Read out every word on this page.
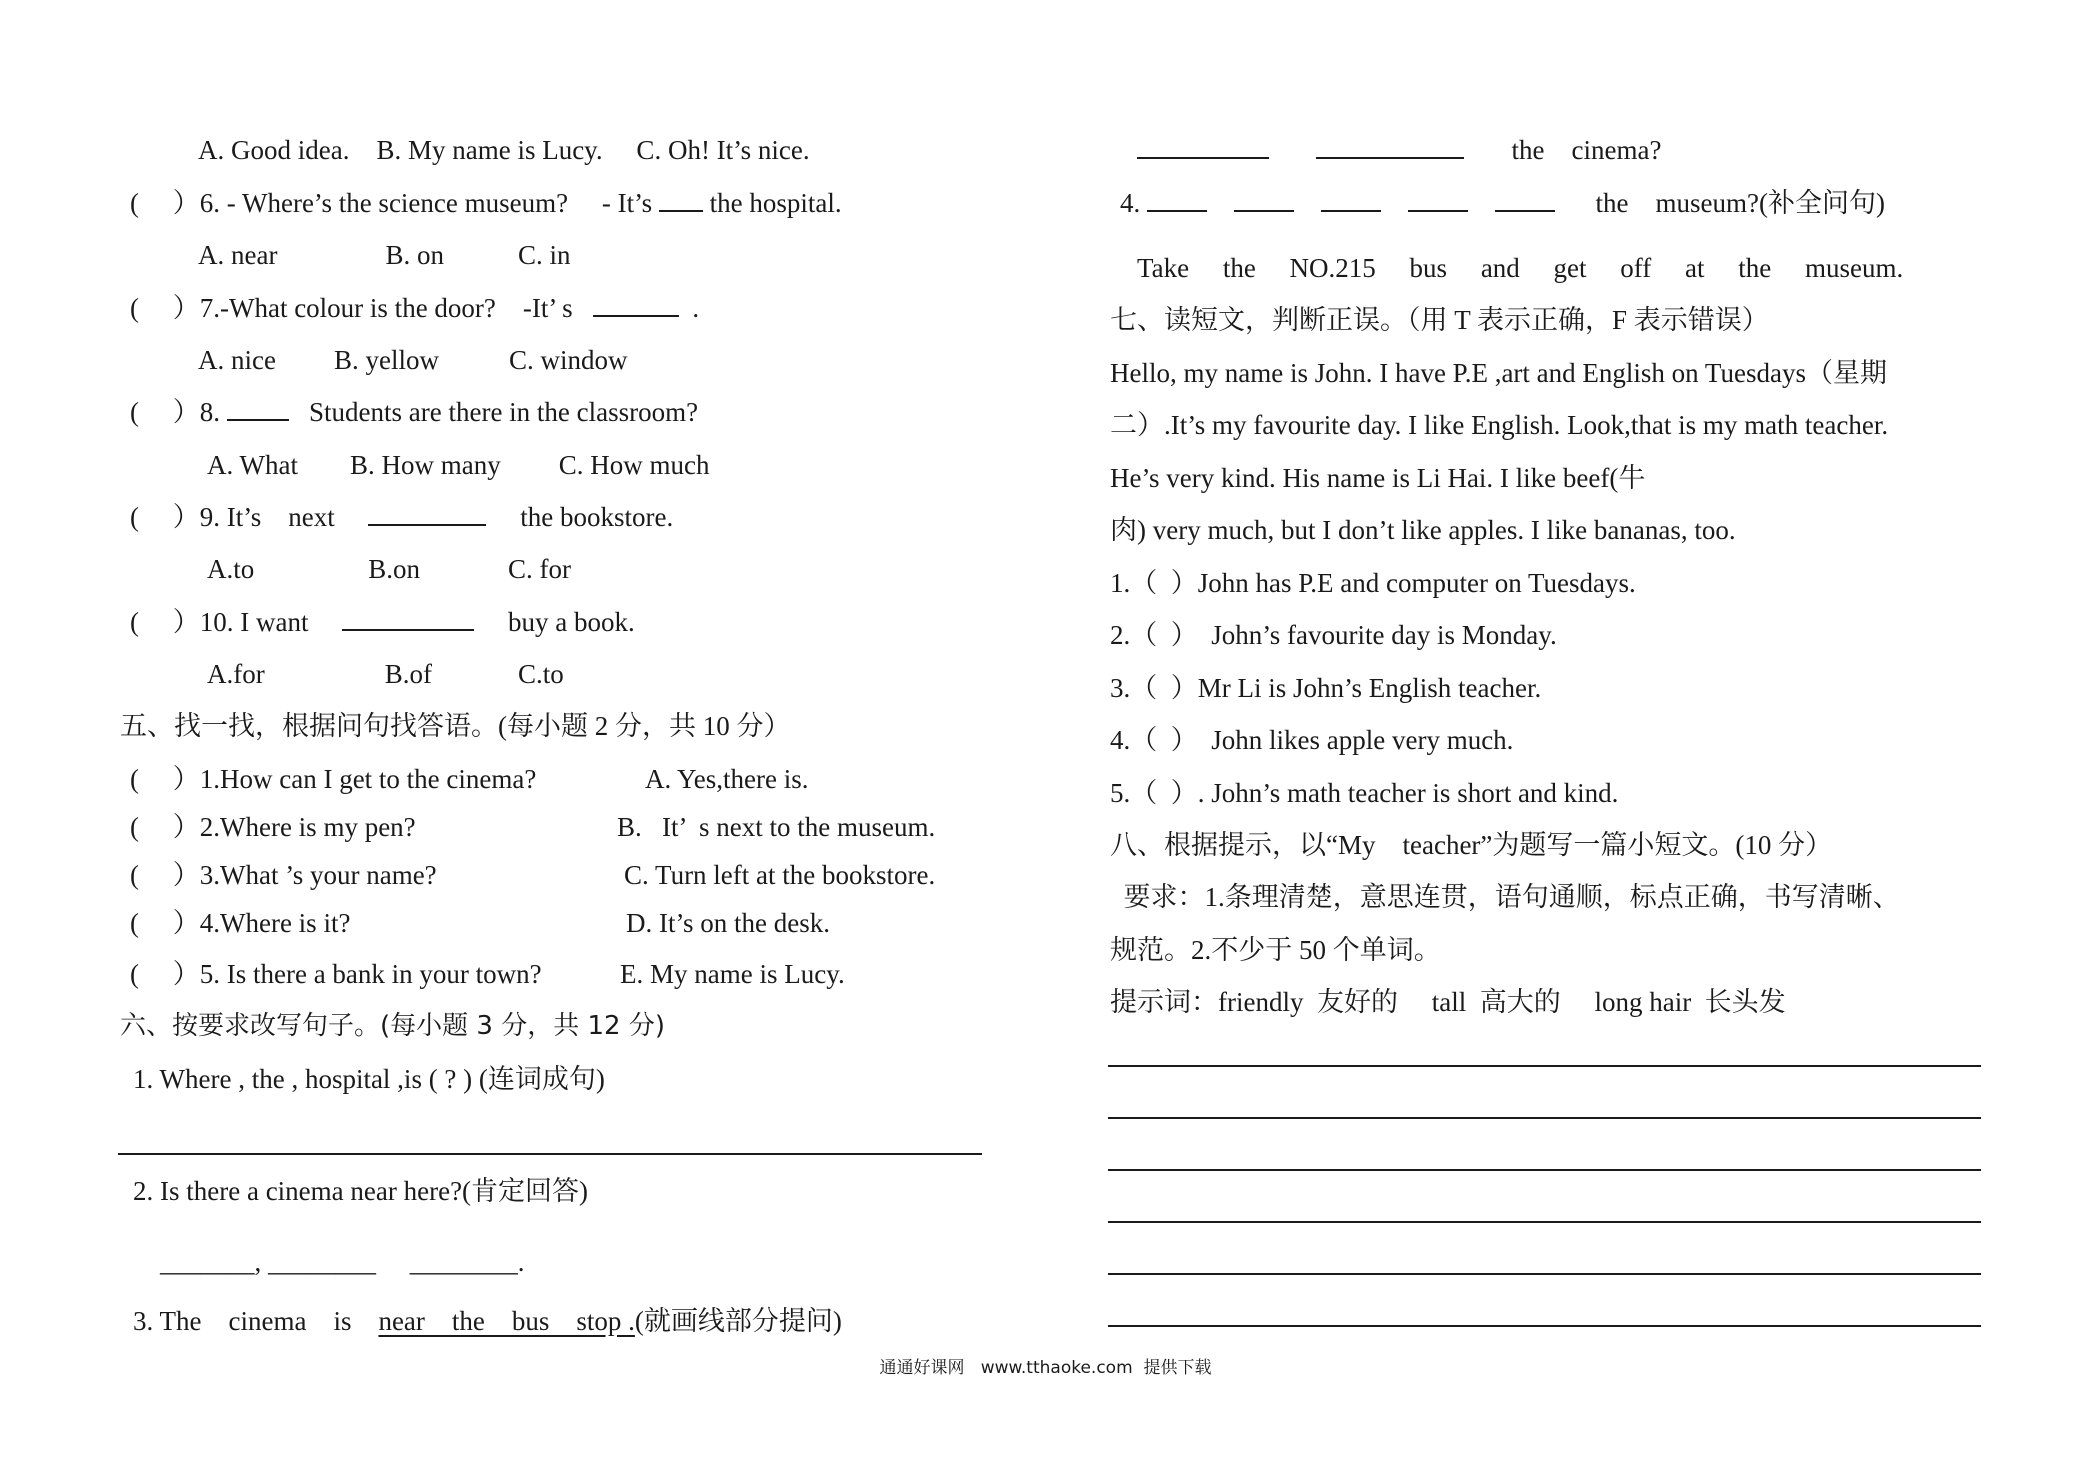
A. Good idea.    B. My name is Lucy.     C. Oh! It’s nice.
(     ）6. - Where’s the science museum? - It’s the hospital.
A. near	B. on	C. in
(     ）7.-What colour is the door? -It’ s	.
A. nice B. yellow	C. window
(     ）8.	Students are there in the classroom?
A. What B. How many C. How much
(     ）9. It’s    next	the bookstore.
A.to	B.on	C. for
(     ）10. I want	buy a book.
A.for	B.of	C.to
五、找一找，根据问句找答语。(每小题 2 分，共 10 分）
(     ）1.How can I get to the cinema?	A. Yes,there is.
(     ）2.Where is my pen?	B.   It’  s next to the museum.
(     ）3.What ’s your name?	C. Turn left at the bookstore.
(     ）4.Where is it?	D. It’s on the desk.
(     ）5. Is there a bank in your town?	E. My name is Lucy.
六、按要求改写句子。(每小题 3 分，共 12 分)
1. Where , the , hospital ,is ( ? ) (连词成句)
2. Is there a cinema near here?(肯定回答)
_______, ________     ________.
3. The    cinema    is    near    the    bus    stop .(就画线部分提问)
the    cinema?
4.	the    museum?(补全问句)
Take     the     NO.215     bus     and     get     off     at     the     museum.
七、读短文，判断正误。（用 T 表示正确，F 表示错误）
Hello, my name is John. I have P.E ,art and English on Tuesdays（星期
二）.It’s my favourite day. I like English. Look,that is my math teacher.
He’s very kind. His name is Li Hai. I like beef(牛
肉) very much, but I don’t like apples. I like bananas, too.
1.（  ）John has P.E and computer on Tuesdays.
2.（  ）  John’s favourite day is Monday.
3.（  ）Mr Li is John’s English teacher.
4.（  ）  John likes apple very much.
5.（  ）. John’s math teacher is short and kind.
八、根据提示，以“My    teacher”为题写一篇小短文。(10 分）
要求：1.条理清楚，意思连贯，语句通顺，标点正确，书写清晰、
规范。2.不少于 50 个单词。
提示词：friendly  友好的     tall  高大的     long hair  长头发
通通好课网   www.tthaoke.com  提供下载
